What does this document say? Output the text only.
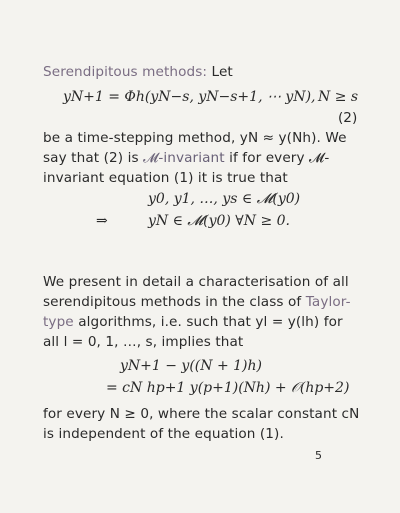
Serendipitous methods: Let
yN+1 = Φh(yN−s, yN−s+1, ⋯ yN), N ≥ s
(2)
be a time-stepping method, yN ≈ y(Nh). We
say that (2) is 𝓜-invariant if for every 𝓜-
invariant equation (1) it is true that
y0, y1, …, ys ∈ 𝓜(y0)
⇒	yN ∈ 𝓜(y0) ∀N ≥ 0.
We present in detail a characterisation of all
serendipitous methods in the class of Taylor-
type algorithms, i.e. such that yl = y(lh) for
all l = 0, 1, …, s, implies that
yN+1 − y((N + 1)h)
= cN hp+1 y(p+1)(Nh) + 𝒪(hp+2)
for every N ≥ 0, where the scalar constant cN
is independent of the equation (1).
5
